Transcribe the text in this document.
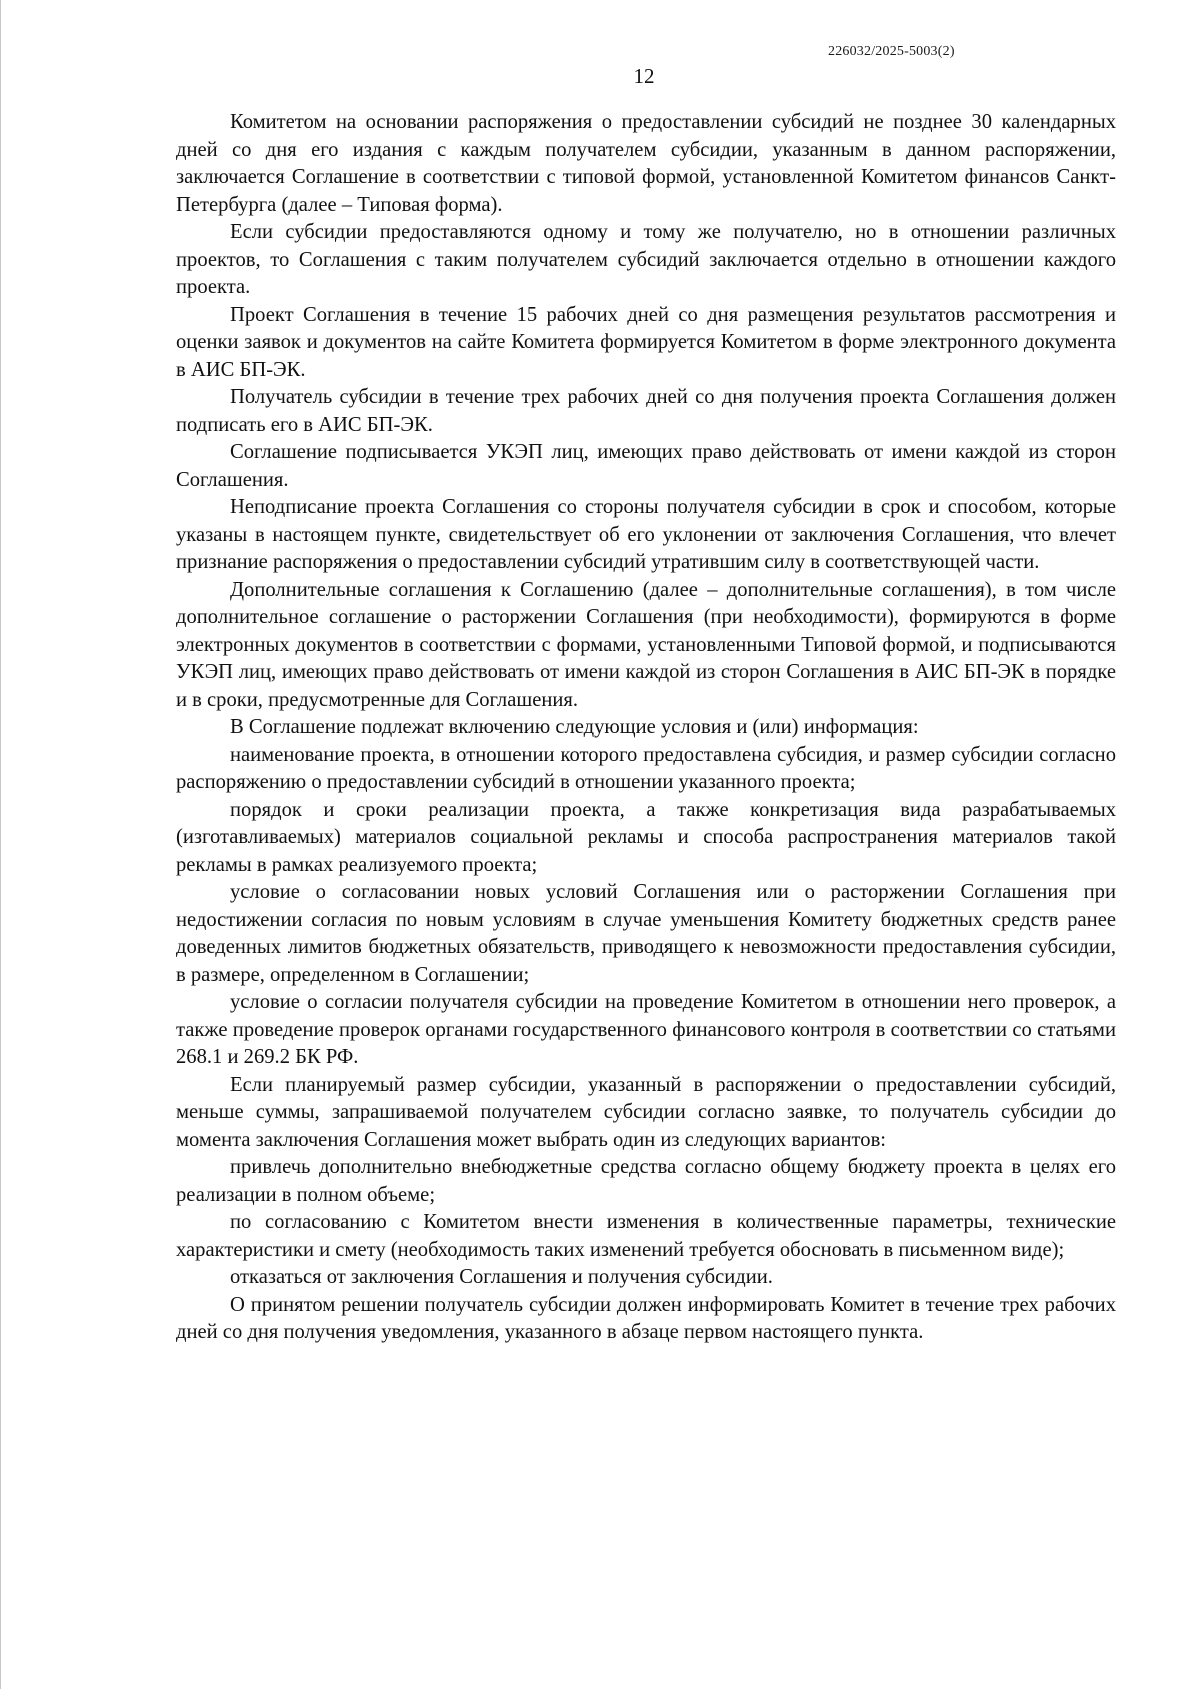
226032/2025-5003(2)
12

Комитетом на основании распоряжения о предоставлении субсидий не позднее 30 календарных дней со дня его издания с каждым получателем субсидии, указанным в данном распоряжении, заключается Соглашение в соответствии с типовой формой, установленной Комитетом финансов Санкт-Петербурга (далее – Типовая форма).

Если субсидии предоставляются одному и тому же получателю, но в отношении различных проектов, то Соглашения с таким получателем субсидий заключается отдельно в отношении каждого проекта.

Проект Соглашения в течение 15 рабочих дней со дня размещения результатов рассмотрения и оценки заявок и документов на сайте Комитета формируется Комитетом в форме электронного документа в АИС БП-ЭК.

Получатель субсидии в течение трех рабочих дней со дня получения проекта Соглашения должен подписать его в АИС БП-ЭК.

Соглашение подписывается УКЭП лиц, имеющих право действовать от имени каждой из сторон Соглашения.

Неподписание проекта Соглашения со стороны получателя субсидии в срок и способом, которые указаны в настоящем пункте, свидетельствует об его уклонении от заключения Соглашения, что влечет признание распоряжения о предоставлении субсидий утратившим силу в соответствующей части.

Дополнительные соглашения к Соглашению (далее – дополнительные соглашения), в том числе дополнительное соглашение о расторжении Соглашения (при необходимости), формируются в форме электронных документов в соответствии с формами, установленными Типовой формой, и подписываются УКЭП лиц, имеющих право действовать от имени каждой из сторон Соглашения в АИС БП-ЭК в порядке и в сроки, предусмотренные для Соглашения.

В Соглашение подлежат включению следующие условия и (или) информация:

наименование проекта, в отношении которого предоставлена субсидия, и размер субсидии согласно распоряжению о предоставлении субсидий в отношении указанного проекта;

порядок и сроки реализации проекта, а также конкретизация вида разрабатываемых (изготавливаемых) материалов социальной рекламы и способа распространения материалов такой рекламы в рамках реализуемого проекта;

условие о согласовании новых условий Соглашения или о расторжении Соглашения при недостижении согласия по новым условиям в случае уменьшения Комитету бюджетных средств ранее доведенных лимитов бюджетных обязательств, приводящего к невозможности предоставления субсидии, в размере, определенном в Соглашении;

условие о согласии получателя субсидии на проведение Комитетом в отношении него проверок, а также проведение проверок органами государственного финансового контроля в соответствии со статьями 268.1 и 269.2 БК РФ.

Если планируемый размер субсидии, указанный в распоряжении о предоставлении субсидий, меньше суммы, запрашиваемой получателем субсидии согласно заявке, то получатель субсидии до момента заключения Соглашения может выбрать один из следующих вариантов:

привлечь дополнительно внебюджетные средства согласно общему бюджету проекта в целях его реализации в полном объеме;

по согласованию с Комитетом внести изменения в количественные параметры, технические характеристики и смету (необходимость таких изменений требуется обосновать в письменном виде);

отказаться от заключения Соглашения и получения субсидии.

О принятом решении получатель субсидии должен информировать Комитет в течение трех рабочих дней со дня получения уведомления, указанного в абзаце первом настоящего пункта.
